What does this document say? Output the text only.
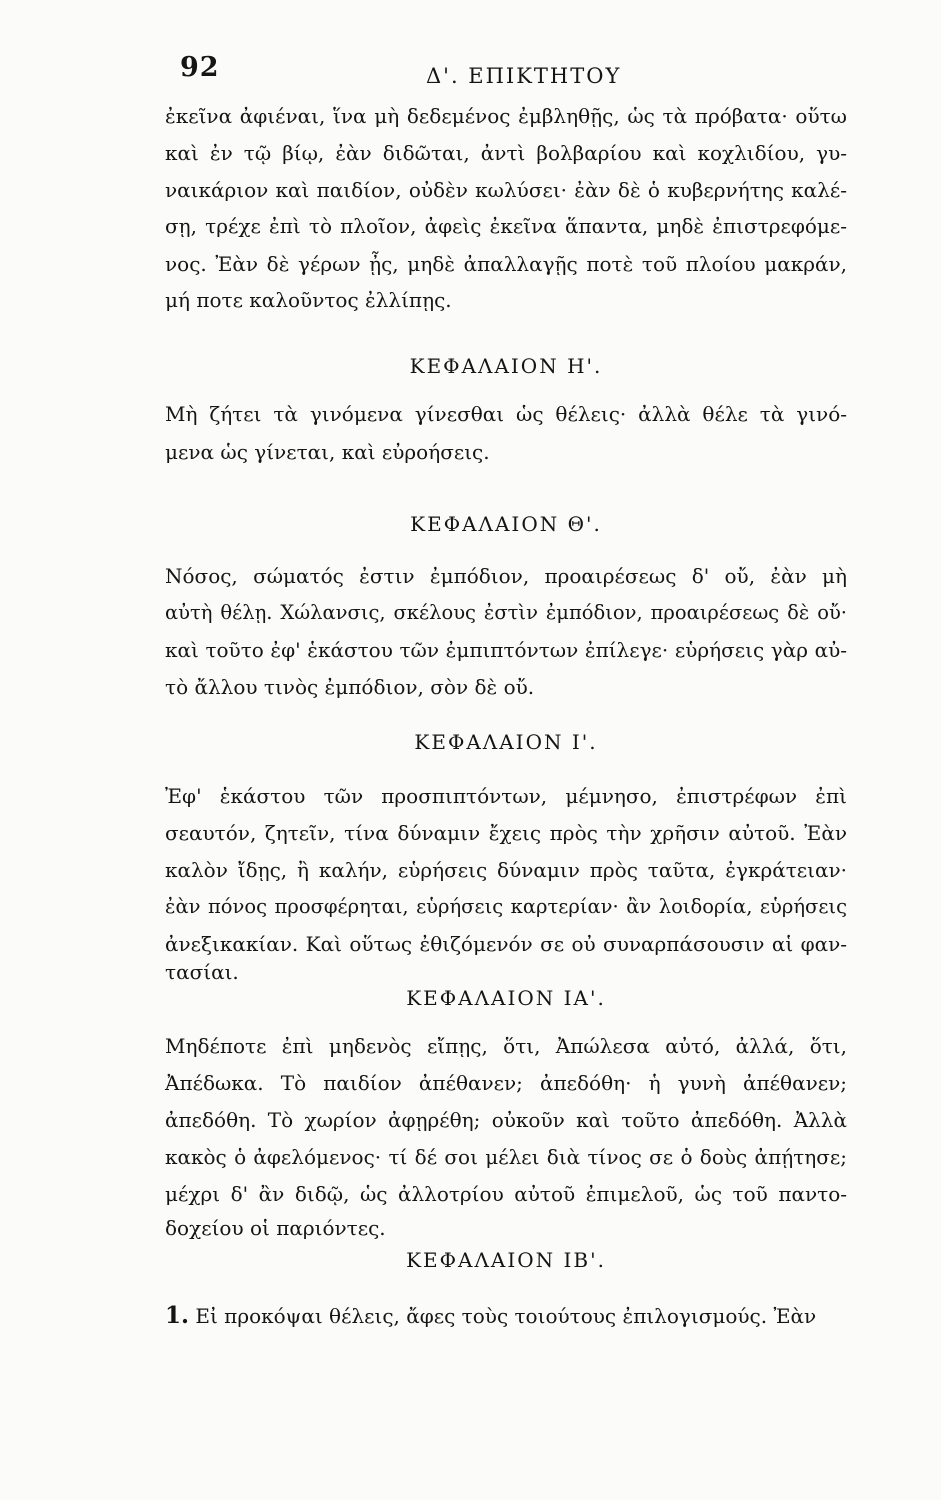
92	Δ'. ΕΠΙΚΤΗΤΟΥ
ἐκεῖνα ἀφιέναι, ἵνα μὴ δεδεμένος ἐμβληθῇς, ὡς τὰ πρόβατα· οὕτω
καὶ ἐν τῷ βίῳ, ἐὰν διδῶται, ἀντὶ βολβαρίου καὶ κοχλιδίου, γυ-
ναικάριον καὶ παιδίον, οὐδὲν κωλύσει· ἐὰν δὲ ὁ κυβερνήτης καλέ-
σῃ, τρέχε ἐπὶ τὸ πλοῖον, ἀφεὶς ἐκεῖνα ἅπαντα, μηδὲ ἐπιστρεφόμε-
νος. Ἐὰν δὲ γέρων ᾖς, μηδὲ ἀπαλλαγῇς ποτὲ τοῦ πλοίου μακράν,
μή ποτε καλοῦντος ἐλλίπῃς.
ΚΕΦΑΛΑΙΟΝ Η'.
Μὴ ζήτει τὰ γινόμενα γίνεσθαι ὡς θέλεις· ἀλλὰ θέλε τὰ γινό-
μενα ὡς γίνεται, καὶ εὐροήσεις.
ΚΕΦΑΛΑΙΟΝ Θ'.
Νόσος, σώματός ἐστιν ἐμπόδιον, προαιρέσεως δ' οὔ, ἐὰν μὴ
αὐτὴ θέλῃ. Χώλανσις, σκέλους ἐστὶν ἐμπόδιον, προαιρέσεως δὲ οὔ·
καὶ τοῦτο ἐφ' ἑκάστου τῶν ἐμπιπτόντων ἐπίλεγε· εὑρήσεις γὰρ αὐ-
τὸ ἄλλου τινὸς ἐμπόδιον, σὸν δὲ οὔ.
ΚΕΦΑΛΑΙΟΝ Ι'.
Ἐφ' ἑκάστου τῶν προσπιπτόντων, μέμνησο, ἐπιστρέφων ἐπὶ
σεαυτόν, ζητεῖν, τίνα δύναμιν ἔχεις πρὸς τὴν χρῆσιν αὐτοῦ. Ἐὰν
καλὸν ἴδῃς, ἢ καλήν, εὑρήσεις δύναμιν πρὸς ταῦτα, ἐγκράτειαν·
ἐὰν πόνος προσφέρηται, εὑρήσεις καρτερίαν· ἂν λοιδορία, εὑρήσεις
ἀνεξικακίαν. Καὶ οὕτως ἐθιζόμενόν σε οὐ συναρπάσουσιν αἱ φαν-
τασίαι.
ΚΕΦΑΛΑΙΟΝ ΙΑ'.
Μηδέποτε ἐπὶ μηδενὸς εἴπῃς, ὅτι, Ἀπώλεσα αὐτό, ἀλλά, ὅτι,
Ἀπέδωκα. Τὸ παιδίον ἀπέθανεν; ἀπεδόθη· ἡ γυνὴ ἀπέθανεν;
ἀπεδόθη. Τὸ χωρίον ἀφῃρέθη; οὐκοῦν καὶ τοῦτο ἀπεδόθη. Ἀλλὰ
κακὸς ὁ ἀφελόμενος· τί δέ σοι μέλει διὰ τίνος σε ὁ δοὺς ἀπῄτησε;
μέχρι δ' ἂν διδῷ, ὡς ἀλλοτρίου αὐτοῦ ἐπιμελοῦ, ὡς τοῦ παντο-
δοχείου οἱ παριόντες.
ΚΕΦΑΛΑΙΟΝ ΙΒ'.
1. Εἰ προκόψαι θέλεις, ἄφες τοὺς τοιούτους ἐπιλογισμούς. Ἐὰν
